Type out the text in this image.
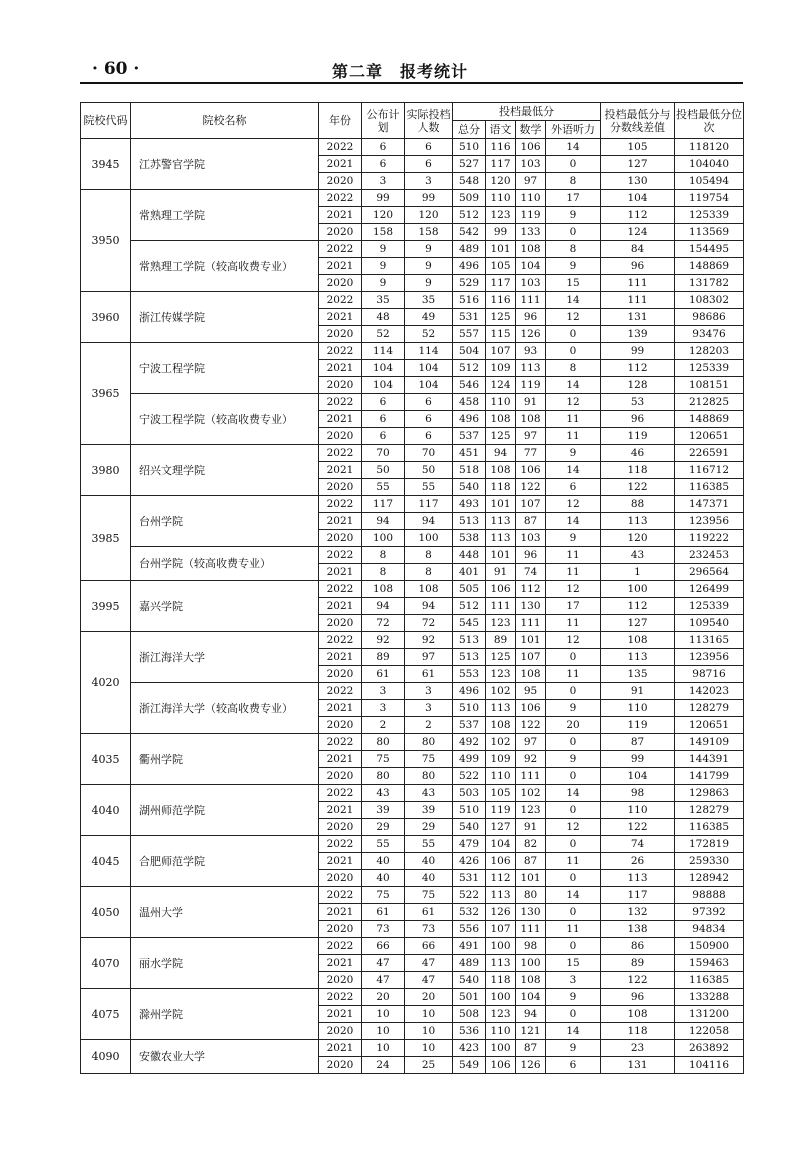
· 60 ·	第二章　报考统计
院校代码	院校名称	年份	公布计划	实际投档人数	投档最低分				投档最低分与分数线差值	投档最低分位次
					总分	语文	数学	外语听力		
3945	江苏警官学院	2022	6	6	510	116	106	14	105	118120
		2021	6	6	527	117	103	0	127	104040
		2020	3	3	548	120	97	8	130	105494
3950	常熟理工学院	2022	99	99	509	110	110	17	104	119754
		2021	120	120	512	123	119	9	112	125339
		2020	158	158	542	99	133	0	124	113569
	常熟理工学院（较高收费专业）	2022	9	9	489	101	108	8	84	154495
		2021	9	9	496	105	104	9	96	148869
		2020	9	9	529	117	103	15	111	131782
3960	浙江传媒学院	2022	35	35	516	116	111	14	111	108302
		2021	48	49	531	125	96	12	131	98686
		2020	52	52	557	115	126	0	139	93476
3965	宁波工程学院	2022	114	114	504	107	93	0	99	128203
		2021	104	104	512	109	113	8	112	125339
		2020	104	104	546	124	119	14	128	108151
	宁波工程学院（较高收费专业）	2022	6	6	458	110	91	12	53	212825
		2021	6	6	496	108	108	11	96	148869
		2020	6	6	537	125	97	11	119	120651
3980	绍兴文理学院	2022	70	70	451	94	77	9	46	226591
		2021	50	50	518	108	106	14	118	116712
		2020	55	55	540	118	122	6	122	116385
3985	台州学院	2022	117	117	493	101	107	12	88	147371
		2021	94	94	513	113	87	14	113	123956
		2020	100	100	538	113	103	9	120	119222
	台州学院（较高收费专业）	2022	8	8	448	101	96	11	43	232453
		2021	8	8	401	91	74	11	1	296564
3995	嘉兴学院	2022	108	108	505	106	112	12	100	126499
		2021	94	94	512	111	130	17	112	125339
		2020	72	72	545	123	111	11	127	109540
4020	浙江海洋大学	2022	92	92	513	89	101	12	108	113165
		2021	89	97	513	125	107	0	113	123956
		2020	61	61	553	123	108	11	135	98716
	浙江海洋大学（较高收费专业）	2022	3	3	496	102	95	0	91	142023
		2021	3	3	510	113	106	9	110	128279
		2020	2	2	537	108	122	20	119	120651
4035	衢州学院	2022	80	80	492	102	97	0	87	149109
		2021	75	75	499	109	92	9	99	144391
		2020	80	80	522	110	111	0	104	141799
4040	湖州师范学院	2022	43	43	503	105	102	14	98	129863
		2021	39	39	510	119	123	0	110	128279
		2020	29	29	540	127	91	12	122	116385
4045	合肥师范学院	2022	55	55	479	104	82	0	74	172819
		2021	40	40	426	106	87	11	26	259330
		2020	40	40	531	112	101	0	113	128942
4050	温州大学	2022	75	75	522	113	80	14	117	98888
		2021	61	61	532	126	130	0	132	97392
		2020	73	73	556	107	111	11	138	94834
4070	丽水学院	2022	66	66	491	100	98	0	86	150900
		2021	47	47	489	113	100	15	89	159463
		2020	47	47	540	118	108	3	122	116385
4075	滁州学院	2022	20	20	501	100	104	9	96	133288
		2021	10	10	508	123	94	0	108	131200
		2020	10	10	536	110	121	14	118	122058
4090	安徽农业大学	2021	10	10	423	100	87	9	23	263892
		2020	24	25	549	106	126	6	131	104116
